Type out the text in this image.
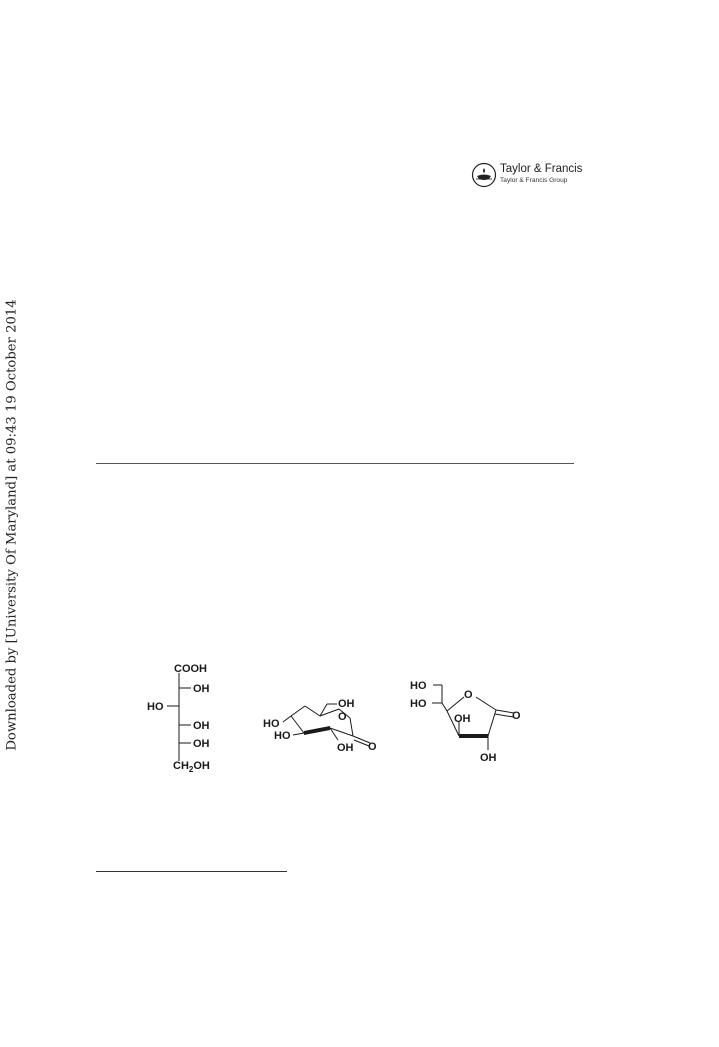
Downloaded by [University Of Maryland] at 09:43 19 October 2014
Taylor & Francis
Taylor & Francis Group
COOH
OH
HO
OH
OH
$CH_2OH$
OH
O
HO
HO
OH O
HO
HO
O
O
OH
OH
